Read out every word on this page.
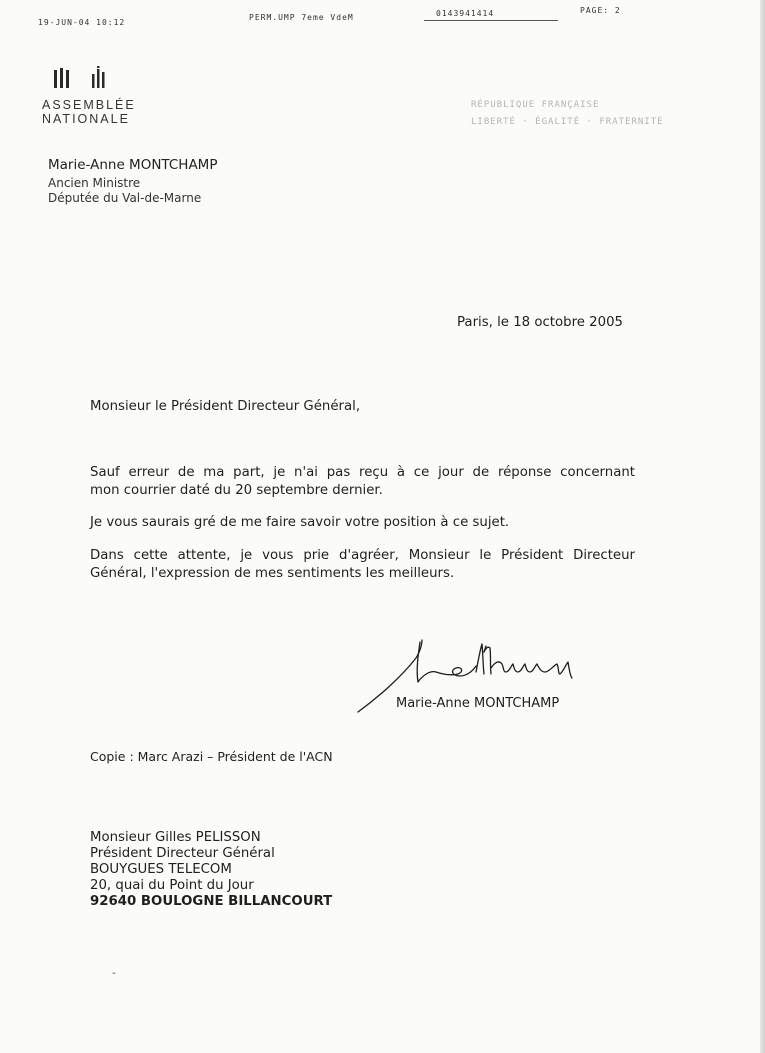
19-JUN-04 10:12
PERM.UMP 7eme VdeM	0143941414	PAGE: 2
ASSEMBLÉE
NATIONALE
RÉPUBLIQUE FRANÇAISE
LIBERTÉ · ÉGALITÉ · FRATERNITÉ
Marie-Anne MONTCHAMP
Ancien Ministre
Députée du Val-de-Marne
Paris, le 18 octobre 2005
Monsieur le Président Directeur Général,
Sauf erreur de ma part, je n'ai pas reçu à ce jour de réponse concernant
mon courrier daté du 20 septembre dernier.
Je vous saurais gré de me faire savoir votre position à ce sujet.
Dans cette attente, je vous prie d'agréer, Monsieur le Président Directeur
Général, l'expression de mes sentiments les meilleurs.
Marie-Anne MONTCHAMP
Copie : Marc Arazi – Président de l'ACN
Monsieur Gilles PELISSON
Président Directeur Général
BOUYGUES TELECOM
20, quai du Point du Jour
92640 BOULOGNE BILLANCOURT
-
